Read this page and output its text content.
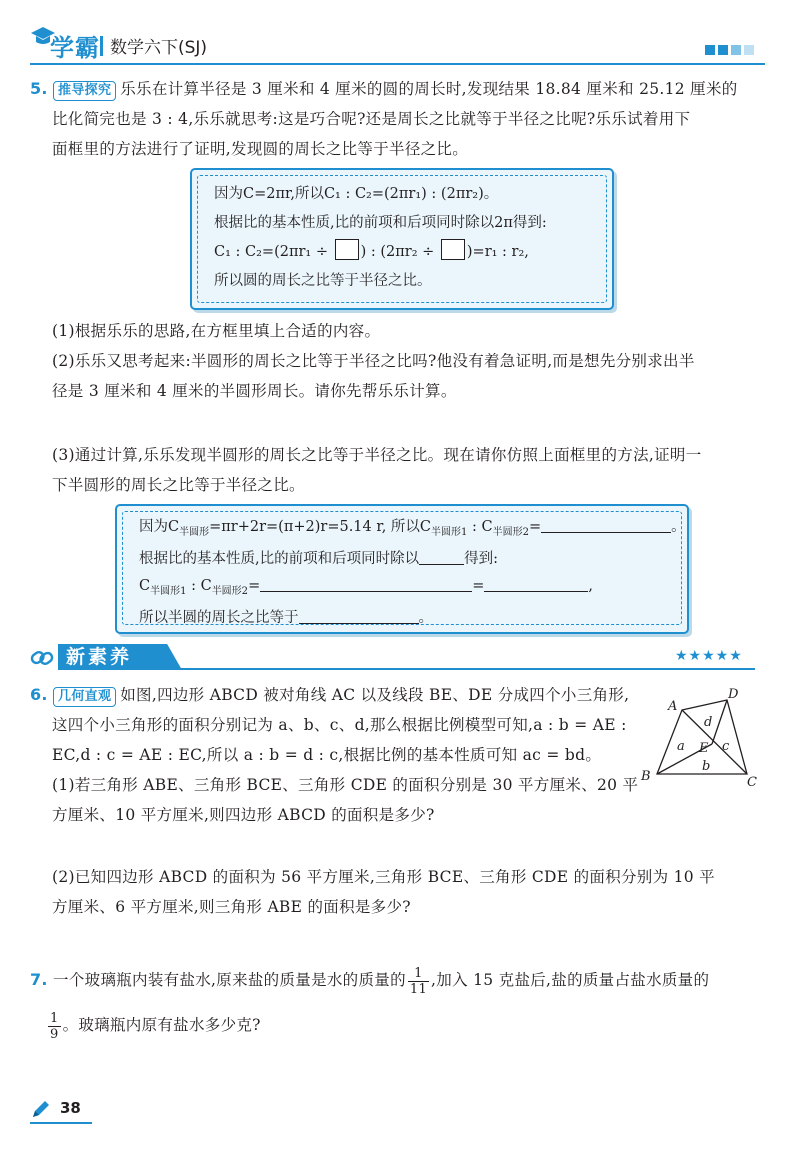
学霸 数学六下(SJ)
5. 推导探究 乐乐在计算半径是 3 厘米和 4 厘米的圆的周长时,发现结果 18.84 厘米和 25.12 厘米的
比化简完也是 3 : 4,乐乐就思考:这是巧合呢?还是周长之比就等于半径之比呢?乐乐试着用下
面框里的方法进行了证明,发现圆的周长之比等于半径之比。
因为C=2πr,所以C₁ : C₂=(2πr₁) : (2πr₂)。
根据比的基本性质,比的前项和后项同时除以2π得到:
C₁ : C₂=(2πr₁ ÷ ) : (2πr₂ ÷ )=r₁ : r₂,
所以圆的周长之比等于半径之比。
(1)根据乐乐的思路,在方框里填上合适的内容。
(2)乐乐又思考起来:半圆形的周长之比等于半径之比吗?他没有着急证明,而是想先分别求出半
径是 3 厘米和 4 厘米的半圆形周长。请你先帮乐乐计算。
(3)通过计算,乐乐发现半圆形的周长之比等于半径之比。现在请你仿照上面框里的方法,证明一
下半圆形的周长之比等于半径之比。
因为$C_{半圆形}=\pi r+2r=(\pi+2)r=5.14$ r, 所以$C_{半圆形1}$ : $C_{半圆形2}=$	。
根据比的基本性质,比的前项和后项同时除以	得到:
$C_{半圆形1}$ : $C_{半圆形2}=$	=	,
所以半圆的周长之比等于	。
新素养	★★★★★
6. 几何直观 如图,四边形 ABCD 被对角线 AC 以及线段 BE、DE 分成四个小三角形,
这四个小三角形的面积分别记为 a、b、c、d,那么根据比例模型可知,a : b = AE :
EC,d : c = AE : EC,所以 a : b = d : c,根据比例的基本性质可知 ac = bd。
(1)若三角形 ABE、三角形 BCE、三角形 CDE 的面积分别是 30 平方厘米、20 平
方厘米、10 平方厘米,则四边形 ABCD 的面积是多少?
(2)已知四边形 ABCD 的面积为 56 平方厘米,三角形 BCE、三角形 CDE 的面积分别为 10 平
方厘米、6 平方厘米,则三角形 ABE 的面积是多少?
A
D
B	C
E
a
b
c
d
7. 一个玻璃瓶内装有盐水,原来盐的质量是水的质量的 $\frac{1}{11}$ ,加入 15 克盐后,盐的质量占盐水质量的
$\frac{1}{9}$ 。玻璃瓶内原有盐水多少克?
38
